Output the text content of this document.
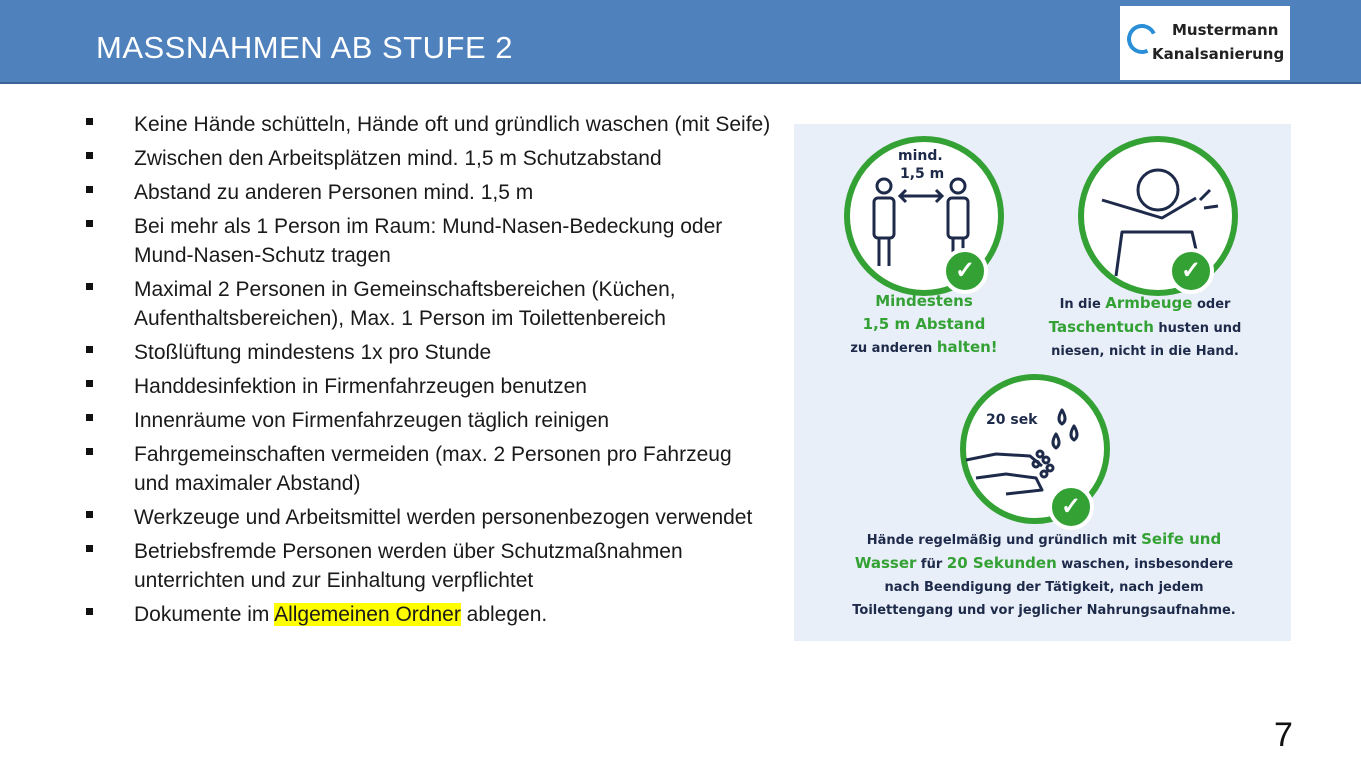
MASSNAHMEN AB STUFE 2	Mustermann
Kanalsanierung
Keine Hände schütteln, Hände oft und gründlich waschen (mit Seife)
Zwischen den Arbeitsplätzen mind. 1,5 m Schutzabstand
Abstand zu anderen Personen mind. 1,5 m
Bei mehr als 1 Person im Raum: Mund-Nasen-Bedeckung oder Mund-Nasen-Schutz tragen
Maximal 2 Personen in Gemeinschaftsbereichen (Küchen, Aufenthaltsbereichen), Max. 1 Person im Toilettenbereich
Stoßlüftung mindestens 1x pro Stunde
Handdesinfektion in Firmenfahrzeugen benutzen
Innenräume von Firmenfahrzeugen täglich reinigen
Fahrgemeinschaften vermeiden (max. 2 Personen pro Fahrzeug und maximaler Abstand)
Werkzeuge und Arbeitsmittel werden personenbezogen verwendet
Betriebsfremde Personen werden über Schutzmaßnahmen unterrichten und zur Einhaltung verpflichtet
Dokumente im Allgemeinen Ordner ablegen.
mind.
1,5 m
✓
Mindestens
1,5 m Abstand
zu anderen halten!
✓
In die Armbeuge oder
Taschentuch husten und
niesen, nicht in die Hand.
20 sek
✓
Hände regelmäßig und gründlich mit Seife und
Wasser für 20 Sekunden waschen, insbesondere
nach Beendigung der Tätigkeit, nach jedem
Toilettengang und vor jeglicher Nahrungsaufnahme.
7
